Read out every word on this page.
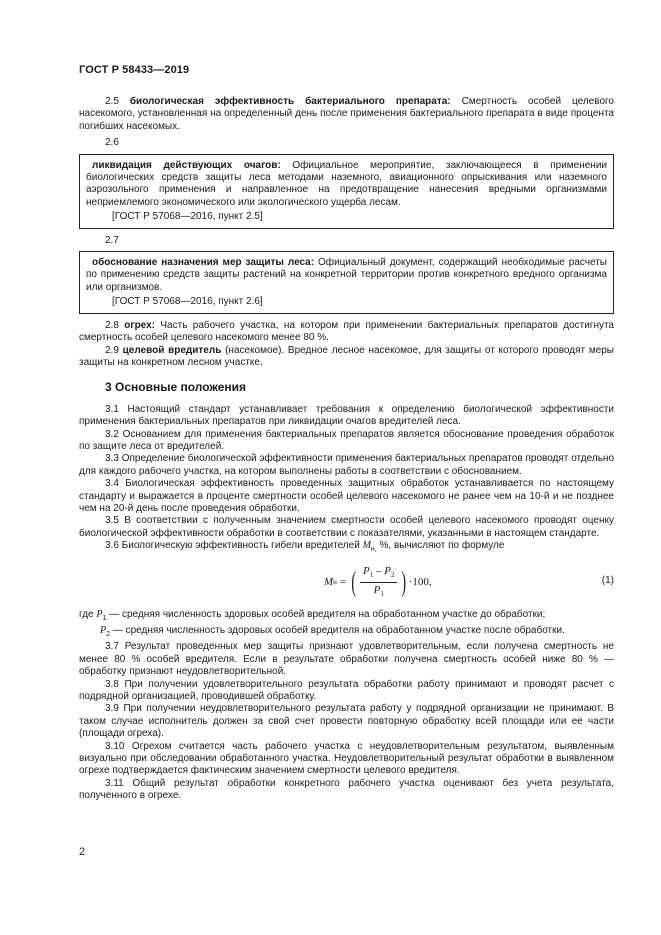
ГОСТ Р 58433—2019

2.5 биологическая эффективность бактериального препарата: Смертность особей целевого насекомого, установленная на определенный день после применения бактериального препарата в виде процента погибших насекомых.

2.6

ликвидация действующих очагов: Официальное мероприятие, заключающееся в применении биологических средств защиты леса методами наземного, авиационного опрыскивания или наземного аэрозольного применения и направленное на предотвращение нанесения вредными организмами неприемлемого экономического или экологического ущерба лесам.

[ГОСТ Р 57068—2016, пункт 2.5]
2.7

обоснование назначения мер защиты леса: Официальный документ, содержащий необходимые расчеты по применению средств защиты растений на конкретной территории против конкретного вредного организма или организмов.

[ГОСТ Р 57068—2016, пункт 2.6]

2.8 огрех: Часть рабочего участка, на котором при применении бактериальных препаратов достигнута смертность особей целевого насекомого менее 80 %.

2.9 целевой вредитель (насекомое). Вредное лесное насекомое, для защиты от которого проводят меры защиты на конкретном лесном участке.

3 Основные положения

3.1 Настоящий стандарт устанавливает требования к определению биологической эффективности применения бактериальных препаратов при ликвидации очагов вредителей леса.

3.2 Основанием для применения бактериальных препаратов является обоснование проведения обработок по защите леса от вредителей.

3.3 Определение биологической эффективности применения бактериальных препаратов проводят отдельно для каждого рабочего участка, на котором выполнены работы в соответствии с обоснованием.

3.4 Биологическая эффективность проведенных защитных обработок устанавливается по настоящему стандарту и выражается в проценте смертности особей целевого насекомого не ранее чем на 10-й и не позднее чем на 20-й день после проведения обработки.

3.5 В соответствии с полученным значением смертности особей целевого насекомого проводят оценку биологической эффективности обработки в соответствии с показателями, указанными в настоящем стандарте.

3.6 Биологическую эффективность гибели вредителей $M_{н,}$ %, вычисляют по формуле

M н = ( $\frac{P_1 - P_2}{P_1}$ ) ·100,	(1)

где $P_1$ — средняя численность здоровых особей вредителя на обработанном участке до обработки;

$P_2$ — средняя численность здоровых особей вредителя на обработанном участке после обработки.

3.7 Результат проведенных мер защиты признают удовлетворительным, если получена смертность не менее 80 % особей вредителя. Если в результате обработки получена смертность особей ниже 80 % — обработку признают неудовлетворительной.

3.8 При получении удовлетворительного результата обработки работу принимают и проводят расчет с подрядной организацией, проводившей обработку.

3.9 При получении неудовлетворительного результата работу у подрядной организации не принимают. В таком случае исполнитель должен за свой счет провести повторную обработку всей площади или ее части (площади огреха).

3.10 Огрехом считается часть рабочего участка с неудовлетворительным результатом, выявленным визуально при обследовании обработанного участка. Неудовлетворительный результат обработки в выявленном огрехе подтверждается фактическим значением смертности целевого вредителя.

3.11 Общий результат обработки конкретного рабочего участка оценивают без учета результата, полученного в огрехе.

2
